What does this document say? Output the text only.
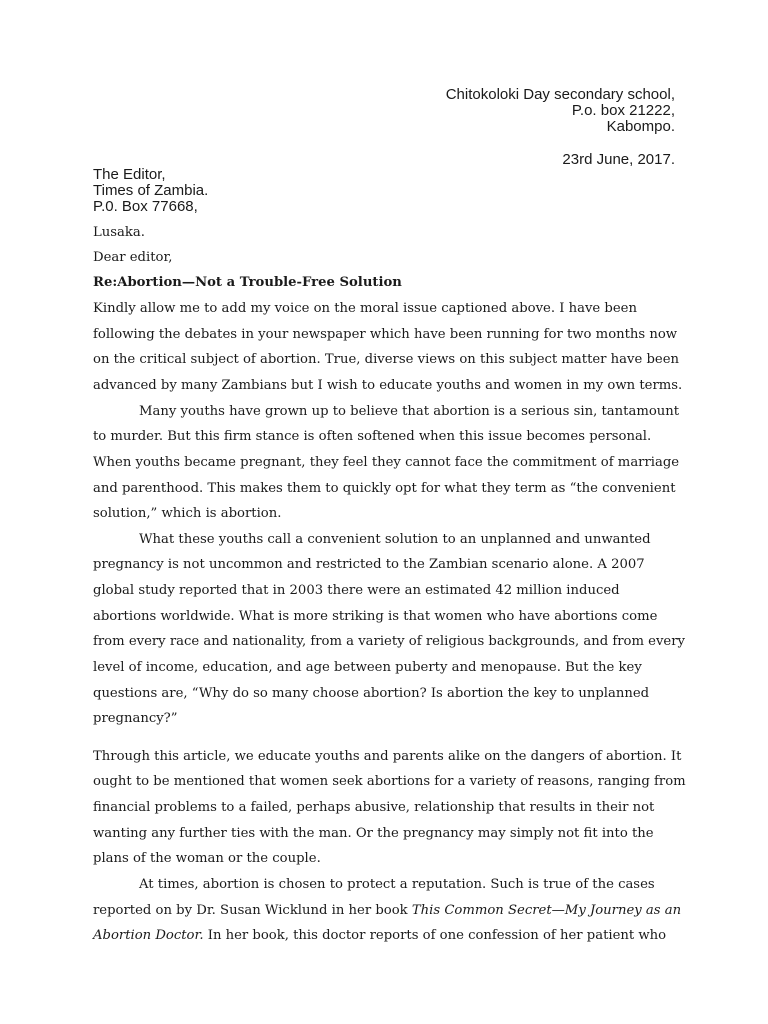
Chitokoloki Day secondary school,
P.o. box 21222,
Kabompo.
23rd June, 2017.
The Editor,
Times of Zambia.
P.0. Box 77668,
Lusaka.
Dear editor,
Re:Abortion—Not a Trouble-Free Solution
Kindly allow me to add my voice on the moral issue captioned above. I have been
following the debates in your newspaper which have been running for two months now
on the critical subject of abortion. True, diverse views on this subject matter have been
advanced by many Zambians but I wish to educate youths and women in my own terms.
Many youths have grown up to believe that abortion is a serious sin, tantamount
to murder. But this firm stance is often softened when this issue becomes personal.
When youths became pregnant, they feel they cannot face the commitment of marriage
and parenthood. This makes them to quickly opt for what they term as “the convenient
solution,” which is abortion.
What these youths call a convenient solution to an unplanned and unwanted
pregnancy is not uncommon and restricted to the Zambian scenario alone. A 2007
global study reported that in 2003 there were an estimated 42 million induced
abortions worldwide. What is more striking is that women who have abortions come
from every race and nationality, from a variety of religious backgrounds, and from every
level of income, education, and age between puberty and menopause. But the key
questions are, “Why do so many choose abortion? Is abortion the key to unplanned
pregnancy?”
Through this article, we educate youths and parents alike on the dangers of abortion. It
ought to be mentioned that women seek abortions for a variety of reasons, ranging from
financial problems to a failed, perhaps abusive, relationship that results in their not
wanting any further ties with the man. Or the pregnancy may simply not fit into the
plans of the woman or the couple.
At times, abortion is chosen to protect a reputation. Such is true of the cases
reported on by Dr. Susan Wicklund in her book This Common Secret—My Journey as an
Abortion Doctor. In her book, this doctor reports of one confession of her patient who
